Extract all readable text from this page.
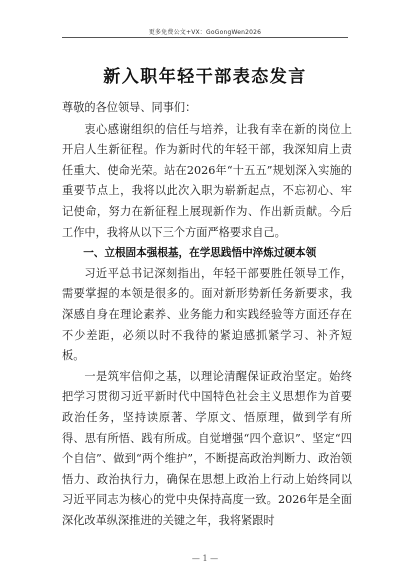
更多免费公文+VX：GoGongWen2026
新入职年轻干部表态发言

尊敬的各位领导、同事们：

衷心感谢组织的信任与培养，让我有幸在新的岗位上开启人生新征程。作为新时代的年轻干部，我深知肩上责任重大、使命光荣。站在2026年“十五五”规划深入实施的重要节点上，我将以此次入职为崭新起点，不忘初心、牢记使命，努力在新征程上展现新作为、作出新贡献。今后工作中，我将从以下三个方面严格要求自己。

一、立根固本强根基，在学思践悟中淬炼过硬本领

习近平总书记深刻指出，年轻干部要胜任领导工作，需要掌握的本领是很多的。面对新形势新任务新要求，我深感自身在理论素养、业务能力和实践经验等方面还存在不少差距，必须以时不我待的紧迫感抓紧学习、补齐短板。

一是筑牢信仰之基，以理论清醒保证政治坚定。始终把学习贯彻习近平新时代中国特色社会主义思想作为首要政治任务，坚持读原著、学原文、悟原理，做到学有所得、思有所悟、践有所成。自觉增强“四个意识”、坚定“四个自信”、做到“两个维护”，不断提高政治判断力、政治领悟力、政治执行力，确保在思想上政治上行动上始终同以习近平同志为核心的党中央保持高度一致。2026年是全面深化改革纵深推进的关键之年，我将紧跟时

— 1 —
